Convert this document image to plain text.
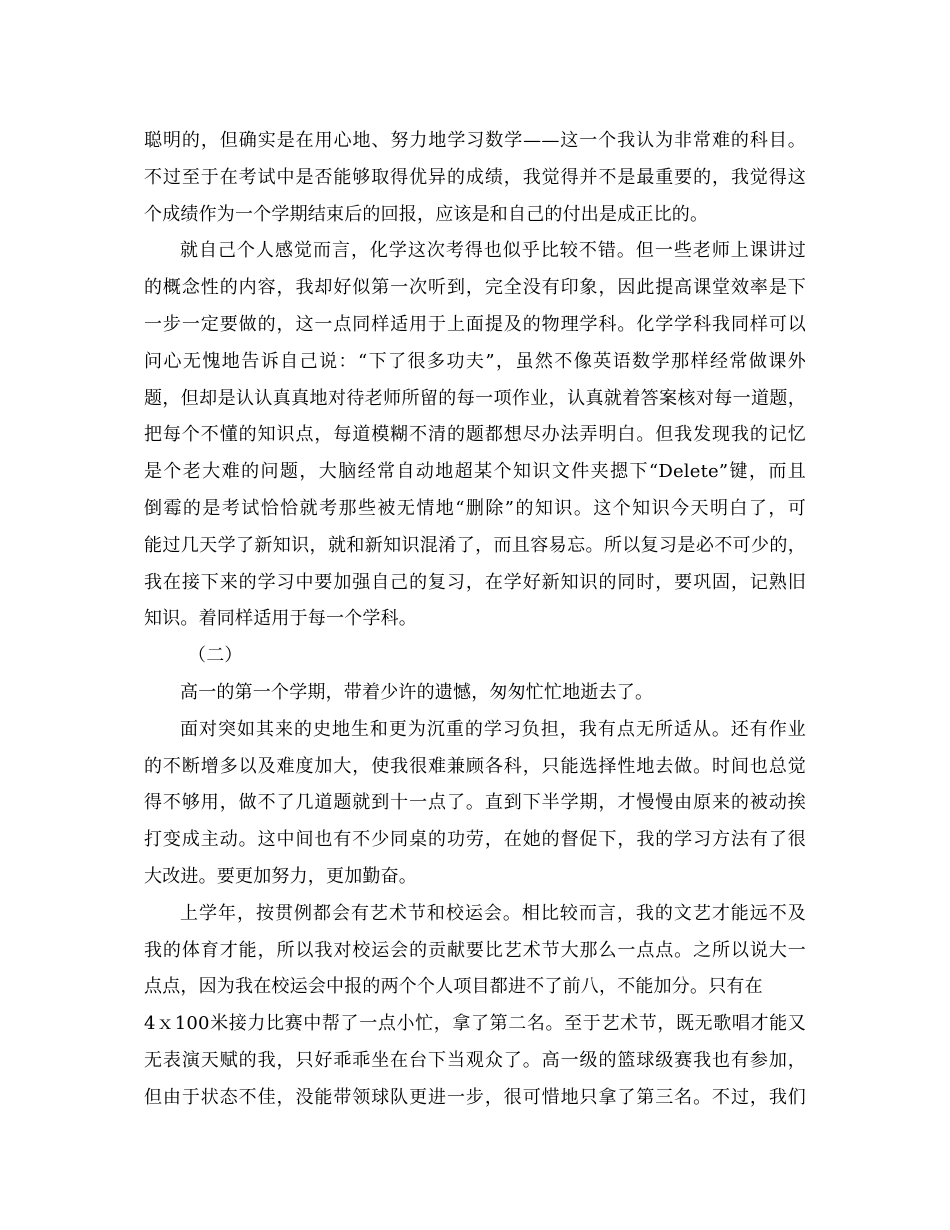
聪明的，但确实是在用心地、努力地学习数学——这一个我认为非常难的科目。
不过至于在考试中是否能够取得优异的成绩，我觉得并不是最重要的，我觉得这
个成绩作为一个学期结束后的回报，应该是和自己的付出是成正比的。
就自己个人感觉而言，化学这次考得也似乎比较不错。但一些老师上课讲过
的概念性的内容，我却好似第一次听到，完全没有印象，因此提高课堂效率是下
一步一定要做的，这一点同样适用于上面提及的物理学科。化学学科我同样可以
问心无愧地告诉自己说：“下了很多功夫”，虽然不像英语数学那样经常做课外
题，但却是认认真真地对待老师所留的每一项作业，认真就着答案核对每一道题，
把每个不懂的知识点，每道模糊不清的题都想尽办法弄明白。但我发现我的记忆
是个老大难的问题，大脑经常自动地超某个知识文件夹摁下“Delete”键，而且
倒霉的是考试恰恰就考那些被无情地“删除”的知识。这个知识今天明白了，可
能过几天学了新知识，就和新知识混淆了，而且容易忘。所以复习是必不可少的，
我在接下来的学习中要加强自己的复习，在学好新知识的同时，要巩固，记熟旧
知识。着同样适用于每一个学科。
（二）
高一的第一个学期，带着少许的遗憾，匆匆忙忙地逝去了。
面对突如其来的史地生和更为沉重的学习负担，我有点无所适从。还有作业
的不断增多以及难度加大，使我很难兼顾各科，只能选择性地去做。时间也总觉
得不够用，做不了几道题就到十一点了。直到下半学期，才慢慢由原来的被动挨
打变成主动。这中间也有不少同桌的功劳，在她的督促下，我的学习方法有了很
大改进。要更加努力，更加勤奋。
上学年，按贯例都会有艺术节和校运会。相比较而言，我的文艺才能远不及
我的体育才能，所以我对校运会的贡献要比艺术节大那么一点点。之所以说大一
点点，因为我在校运会中报的两个个人项目都进不了前八，不能加分。只有在
4ｘ100米接力比赛中帮了一点小忙，拿了第二名。至于艺术节，既无歌唱才能又
无表演天赋的我，只好乖乖坐在台下当观众了。高一级的篮球级赛我也有参加，
但由于状态不佳，没能带领球队更进一步，很可惜地只拿了第三名。不过，我们
